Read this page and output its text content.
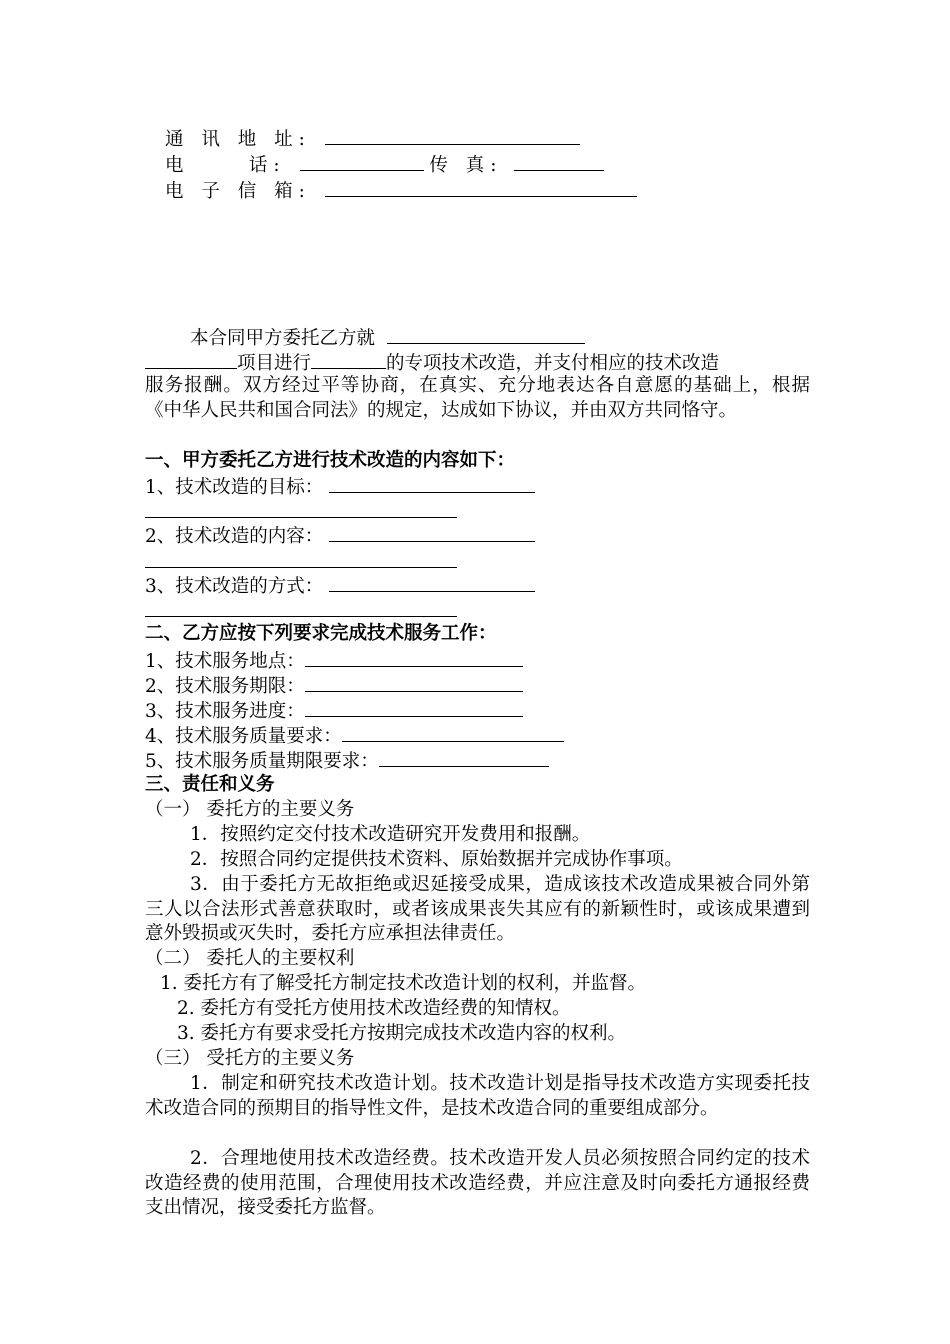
通 讯 地 址:
电     话:	传 真:
电 子 信 箱:
本合同甲方委托乙方就
项目进行	的专项技术改造，并支付相应的技术改造
服务报酬。双方经过平等协商，在真实、充分地表达各自意愿的基础上，根据《中华人民共和国合同法》的规定，达成如下协议，并由双方共同恪守。
一、甲方委托乙方进行技术改造的内容如下：
1、技术改造的目标：
2、技术改造的内容：
3、技术改造的方式：
二、乙方应按下列要求完成技术服务工作：
1、技术服务地点：
2、技术服务期限：
3、技术服务进度：
4、技术服务质量要求：
5、技术服务质量期限要求：
三、责任和义务
（一） 委托方的主要义务
1．按照约定交付技术改造研究开发费用和报酬。
2．按照合同约定提供技术资料、原始数据并完成协作事项。
3．由于委托方无故拒绝或迟延接受成果，造成该技术改造成果被合同外第三人以合法形式善意获取时，或者该成果丧失其应有的新颖性时，或该成果遭到意外毁损或灭失时，委托方应承担法律责任。
（二） 委托人的主要权利
1. 委托方有了解受托方制定技术改造计划的权利，并监督。
2. 委托方有受托方使用技术改造经费的知情权。
3. 委托方有要求受托方按期完成技术改造内容的权利。
（三） 受托方的主要义务
1．制定和研究技术改造计划。技术改造计划是指导技术改造方实现委托技术改造合同的预期目的指导性文件，是技术改造合同的重要组成部分。
2．合理地使用技术改造经费。技术改造开发人员必须按照合同约定的技术改造经费的使用范围，合理使用技术改造经费，并应注意及时向委托方通报经费支出情况，接受委托方监督。
